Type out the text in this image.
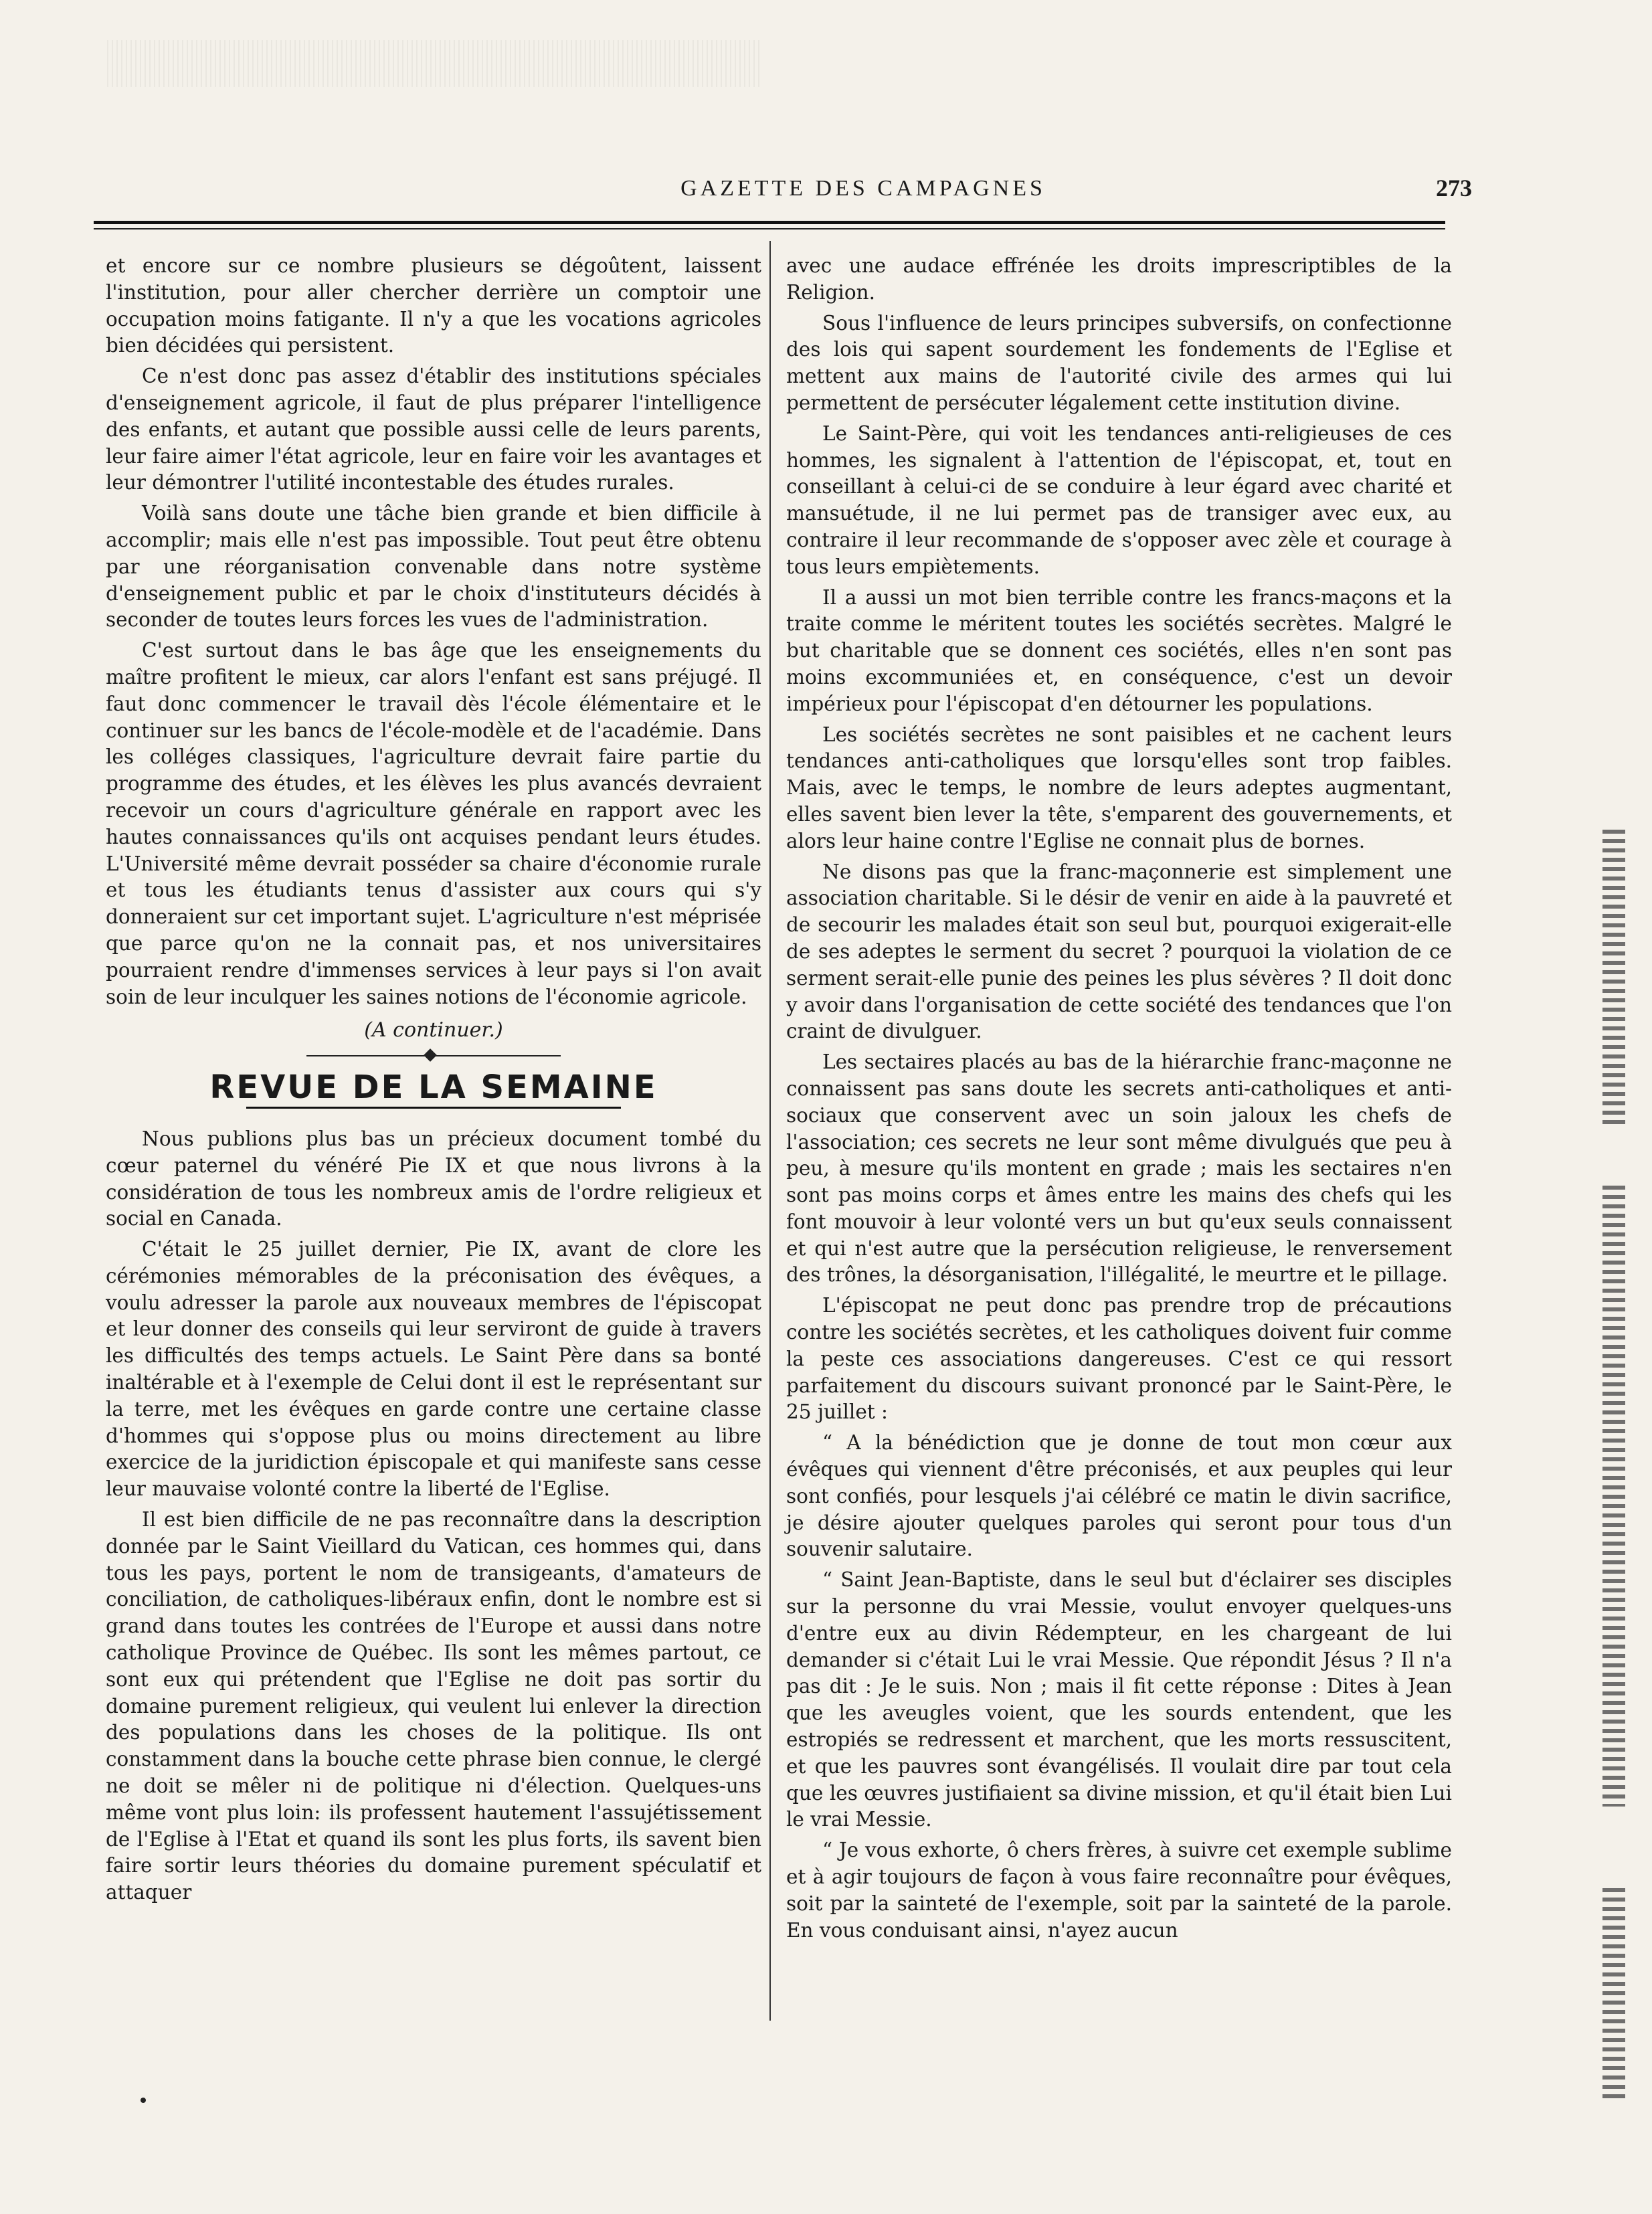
GAZETTE DES CAMPAGNES	273

et encore sur ce nombre plusieurs se dégoûtent, laissent l'institution, pour aller chercher derrière un comptoir une occupation moins fatigante. Il n'y a que les vocations agricoles bien décidées qui persistent.

Ce n'est donc pas assez d'établir des institutions spéciales d'enseignement agricole, il faut de plus préparer l'intelligence des enfants, et autant que possible aussi celle de leurs parents, leur faire aimer l'état agricole, leur en faire voir les avantages et leur démontrer l'utilité incontestable des études rurales.

Voilà sans doute une tâche bien grande et bien difficile à accomplir; mais elle n'est pas impossible. Tout peut être obtenu par une réorganisation convenable dans notre système d'enseignement public et par le choix d'instituteurs décidés à seconder de toutes leurs forces les vues de l'administration.

C'est surtout dans le bas âge que les enseignements du maître profitent le mieux, car alors l'enfant est sans préjugé. Il faut donc commencer le travail dès l'école élémentaire et le continuer sur les bancs de l'école-modèle et de l'académie. Dans les colléges classiques, l'agriculture devrait faire partie du programme des études, et les élèves les plus avancés devraient recevoir un cours d'agriculture générale en rapport avec les hautes connaissances qu'ils ont acquises pendant leurs études. L'Université même devrait posséder sa chaire d'économie rurale et tous les étudiants tenus d'assister aux cours qui s'y donneraient sur cet important sujet. L'agriculture n'est méprisée que parce qu'on ne la connait pas, et nos universitaires pourraient rendre d'immenses services à leur pays si l'on avait soin de leur inculquer les saines notions de l'économie agricole.

(A continuer.)
REVUE DE LA SEMAINE

Nous publions plus bas un précieux document tombé du cœur paternel du vénéré Pie IX et que nous livrons à la considération de tous les nombreux amis de l'ordre religieux et social en Canada.

C'était le 25 juillet dernier, Pie IX, avant de clore les cérémonies mémorables de la préconisation des évêques, a voulu adresser la parole aux nouveaux membres de l'épiscopat et leur donner des conseils qui leur serviront de guide à travers les difficultés des temps actuels. Le Saint Père dans sa bonté inaltérable et à l'exemple de Celui dont il est le représentant sur la terre, met les évêques en garde contre une certaine classe d'hommes qui s'oppose plus ou moins directement au libre exercice de la juridiction épiscopale et qui manifeste sans cesse leur mauvaise volonté contre la liberté de l'Eglise.

Il est bien difficile de ne pas reconnaître dans la description donnée par le Saint Vieillard du Vatican, ces hommes qui, dans tous les pays, portent le nom de transigeants, d'amateurs de conciliation, de catholiques-libéraux enfin, dont le nombre est si grand dans toutes les contrées de l'Europe et aussi dans notre catholique Province de Québec. Ils sont les mêmes partout, ce sont eux qui prétendent que l'Eglise ne doit pas sortir du domaine purement religieux, qui veulent lui enlever la direction des populations dans les choses de la politique. Ils ont constamment dans la bouche cette phrase bien connue, le clergé ne doit se mêler ni de politique ni d'élection. Quelques-uns même vont plus loin: ils professent hautement l'assujétissement de l'Eglise à l'Etat et quand ils sont les plus forts, ils savent bien faire sortir leurs théories du domaine purement spéculatif et attaquer

avec une audace effrénée les droits imprescriptibles de la Religion.

Sous l'influence de leurs principes subversifs, on confectionne des lois qui sapent sourdement les fondements de l'Eglise et mettent aux mains de l'autorité civile des armes qui lui permettent de persécuter légalement cette institution divine.

Le Saint-Père, qui voit les tendances anti-religieuses de ces hommes, les signalent à l'attention de l'épiscopat, et, tout en conseillant à celui-ci de se conduire à leur égard avec charité et mansuétude, il ne lui permet pas de transiger avec eux, au contraire il leur recommande de s'opposer avec zèle et courage à tous leurs empiètements.

Il a aussi un mot bien terrible contre les francs-maçons et la traite comme le méritent toutes les sociétés secrètes. Malgré le but charitable que se donnent ces sociétés, elles n'en sont pas moins excommuniées et, en conséquence, c'est un devoir impérieux pour l'épiscopat d'en détourner les populations.

Les sociétés secrètes ne sont paisibles et ne cachent leurs tendances anti-catholiques que lorsqu'elles sont trop faibles. Mais, avec le temps, le nombre de leurs adeptes augmentant, elles savent bien lever la tête, s'emparent des gouvernements, et alors leur haine contre l'Eglise ne connait plus de bornes.

Ne disons pas que la franc-maçonnerie est simplement une association charitable. Si le désir de venir en aide à la pauvreté et de secourir les malades était son seul but, pourquoi exigerait-elle de ses adeptes le serment du secret ? pourquoi la violation de ce serment serait-elle punie des peines les plus sévères ? Il doit donc y avoir dans l'organisation de cette société des tendances que l'on craint de divulguer.

Les sectaires placés au bas de la hiérarchie franc-maçonne ne connaissent pas sans doute les secrets anti-catholiques et anti-sociaux que conservent avec un soin jaloux les chefs de l'association; ces secrets ne leur sont même divulgués que peu à peu, à mesure qu'ils montent en grade ; mais les sectaires n'en sont pas moins corps et âmes entre les mains des chefs qui les font mouvoir à leur volonté vers un but qu'eux seuls connaissent et qui n'est autre que la persécution religieuse, le renversement des trônes, la désorganisation, l'illégalité, le meurtre et le pillage.

L'épiscopat ne peut donc pas prendre trop de précautions contre les sociétés secrètes, et les catholiques doivent fuir comme la peste ces associations dangereuses. C'est ce qui ressort parfaitement du discours suivant prononcé par le Saint-Père, le 25 juillet :

“ A la bénédiction que je donne de tout mon cœur aux évêques qui viennent d'être préconisés, et aux peuples qui leur sont confiés, pour lesquels j'ai célébré ce matin le divin sacrifice, je désire ajouter quelques paroles qui seront pour tous d'un souvenir salutaire.

“ Saint Jean-Baptiste, dans le seul but d'éclairer ses disciples sur la personne du vrai Messie, voulut envoyer quelques-uns d'entre eux au divin Rédempteur, en les chargeant de lui demander si c'était Lui le vrai Messie. Que répondit Jésus ? Il n'a pas dit : Je le suis. Non ; mais il fit cette réponse : Dites à Jean que les aveugles voient, que les sourds entendent, que les estropiés se redressent et marchent, que les morts ressuscitent, et que les pauvres sont évangélisés. Il voulait dire par tout cela que les œuvres justifiaient sa divine mission, et qu'il était bien Lui le vrai Messie.

“ Je vous exhorte, ô chers frères, à suivre cet exemple sublime et à agir toujours de façon à vous faire reconnaître pour évêques, soit par la sainteté de l'exemple, soit par la sainteté de la parole. En vous conduisant ainsi, n'ayez aucun
